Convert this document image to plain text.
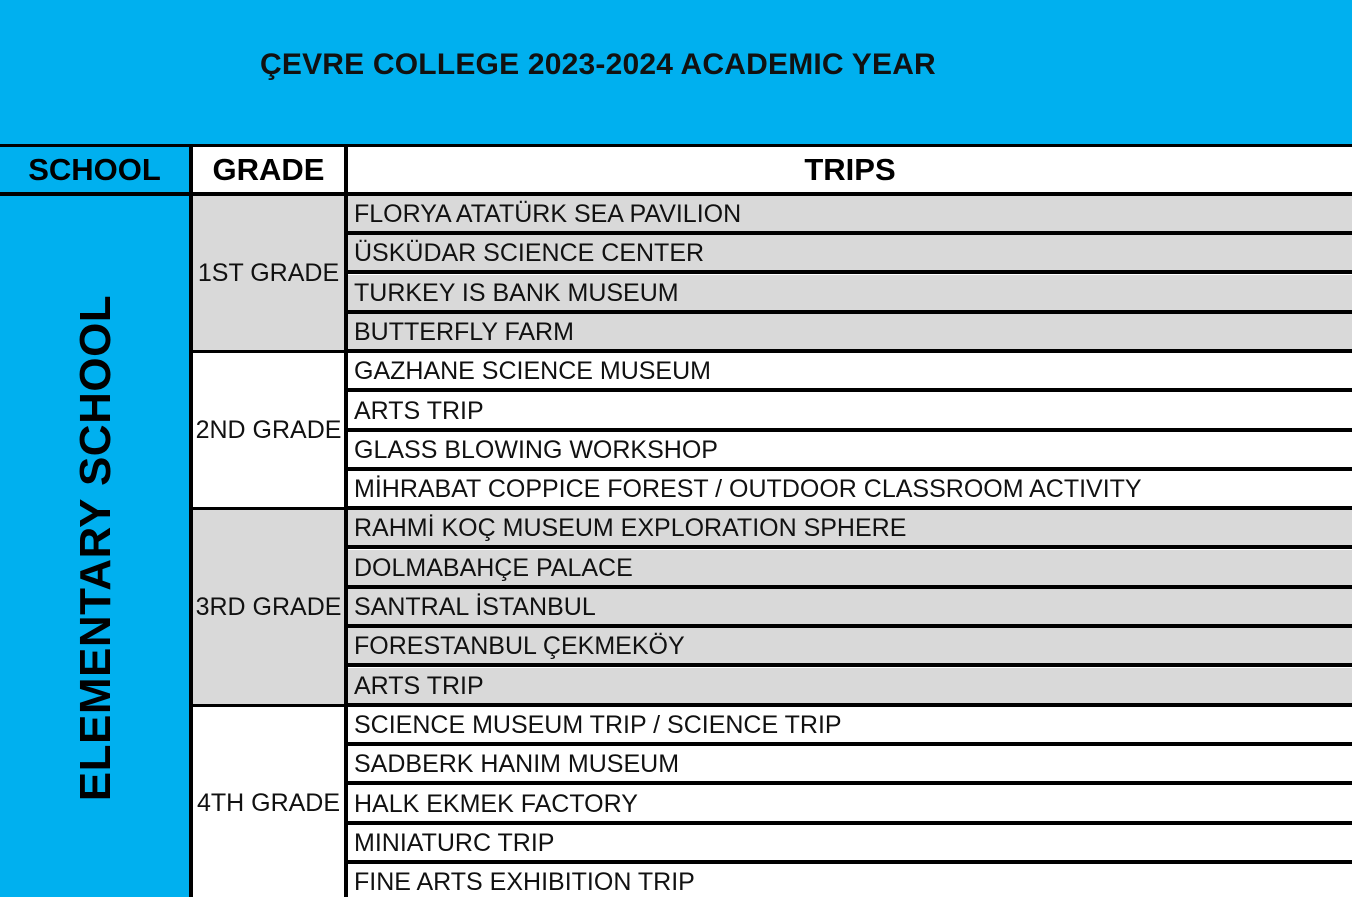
ÇEVRE COLLEGE 2023-2024 ACADEMIC YEAR
SCHOOL	GRADE	TRIPS
ELEMENTARY SCHOOL
1ST GRADE
FLORYA ATATÜRK SEA PAVILION
ÜSKÜDAR SCIENCE CENTER
TURKEY IS BANK MUSEUM
BUTTERFLY FARM
2ND GRADE
GAZHANE SCIENCE MUSEUM
ARTS TRIP
GLASS BLOWING WORKSHOP
MİHRABAT COPPICE FOREST / OUTDOOR CLASSROOM ACTIVITY
3RD GRADE
RAHMİ KOÇ MUSEUM EXPLORATION SPHERE
DOLMABAHÇE PALACE
SANTRAL İSTANBUL
FORESTANBUL ÇEKMEKÖY
ARTS TRIP
4TH GRADE
SCIENCE MUSEUM TRIP / SCIENCE TRIP
SADBERK HANIM MUSEUM
HALK EKMEK FACTORY
MINIATURC TRIP
FINE ARTS EXHIBITION TRIP
